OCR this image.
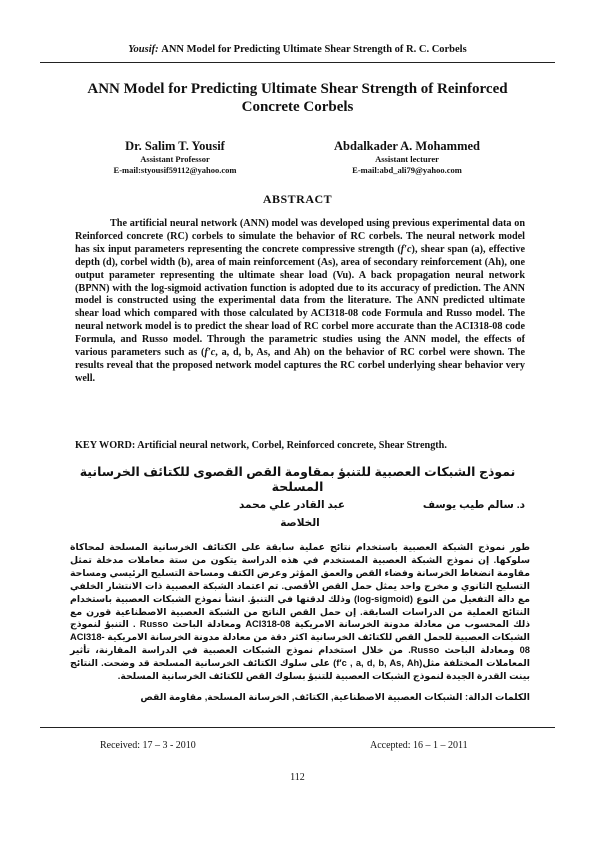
Yousif: ANN Model for Predicting Ultimate Shear Strength of R. C. Corbels
ANN Model for Predicting Ultimate Shear Strength of Reinforced
Concrete Corbels
Dr. Salim T. Yousif
Assistant Professor
E-mail:styousif59112@yahoo.com
Abdalkader A. Mohammed
Assistant lecturer
E-mail:abd_ali79@yahoo.com
ABSTRACT
The artificial neural network (ANN) model was developed using previous experimental data on Reinforced concrete (RC) corbels to simulate the behavior of RC corbels. The neural network model has six input parameters representing the concrete compressive strength (f′c), shear span (a), effective depth (d), corbel width (b), area of main reinforcement (As), area of secondary reinforcement (Ah), one output parameter representing the ultimate shear load (Vu). A back propagation neural network (BPNN) with the log-sigmoid activation function is adopted due to its accuracy of prediction. The ANN model is constructed using the experimental data from the literature. The ANN predicted ultimate shear load which compared with those calculated by ACI318-08 code Formula and Russo model. The neural network model is to predict the shear load of RC corbel more accurate than the ACI318-08 code Formula, and Russo model. Through the parametric studies using the ANN model, the effects of various parameters such as (f′c, a, d, b, As, and Ah) on the behavior of RC corbel were shown. The results reveal that the proposed network model captures the RC corbel underlying shear behavior very well.
KEY WORD: Artificial neural network, Corbel, Reinforced concrete, Shear Strength.
نموذج الشبكات العصبية للتنبؤ بمقاومة القص القصوى للكتائف الخرسانية المسلحة
د. سالم طيب يوسف
عبد القادر علي محمد
الخلاصة
طور نموذج الشبكة العصبية باستخدام نتائج عملية سابقة على الكتائف الخرسانية المسلحة لمحاكاة سلوكها. إن نموذج الشبكة العصبية المستخدم في هذه الدراسة يتكون من ستة معاملات مدخلة تمثل مقاومة انضغاط الخرسانة وفضاء القص والعمق المؤثر وعرض الكتف ومساحة التسليح الرئيسي ومساحة التسليح الثانوي و مخرج واحد يمثل حمل القص الأقصى. تم اعتماد الشبكة العصبية ذات الانتشار الخلفي مع دالة التفعيل من النوع (log-sigmoid) وذلك لدقتها في التنبؤ. انشأ نموذج الشبكات العصبية باستخدام النتائج العملية من الدراسات السابقة. إن حمل القص الناتج من الشبكة العصبية الاصطناعية قورن مع ذلك المحسوب من معادلة مدونة الخرسانة الامريكية ACI318-08 ومعادلة الباحث Russo . التنبؤ لنموذج الشبكات العصبية للحمل القص للكتائف الخرسانية اكثر دقة من معادلة مدونة الخرسانة الامريكية ACI318-08 ومعادلة الباحث Russo. من خلال استخدام نموذج الشبكات العصبية في الدراسة المقارنة، تأثير المعاملات المختلفة مثل(f′c , a, d, b, As, Ah) على سلوك الكتائف الخرسانية المسلحة قد وضحت. النتائج بينت القدرة الجيدة لنموذج الشبكات العصبية للتنبؤ بسلوك القص للكتائف الخرسانية المسلحة.
الكلمات الدالة: الشبكات العصبية الاصطناعية, الكتائف, الخرسانة المسلحة, مقاومة القص
Received: 17 – 3 - 2010	Accepted: 16 – 1 – 2011
112
